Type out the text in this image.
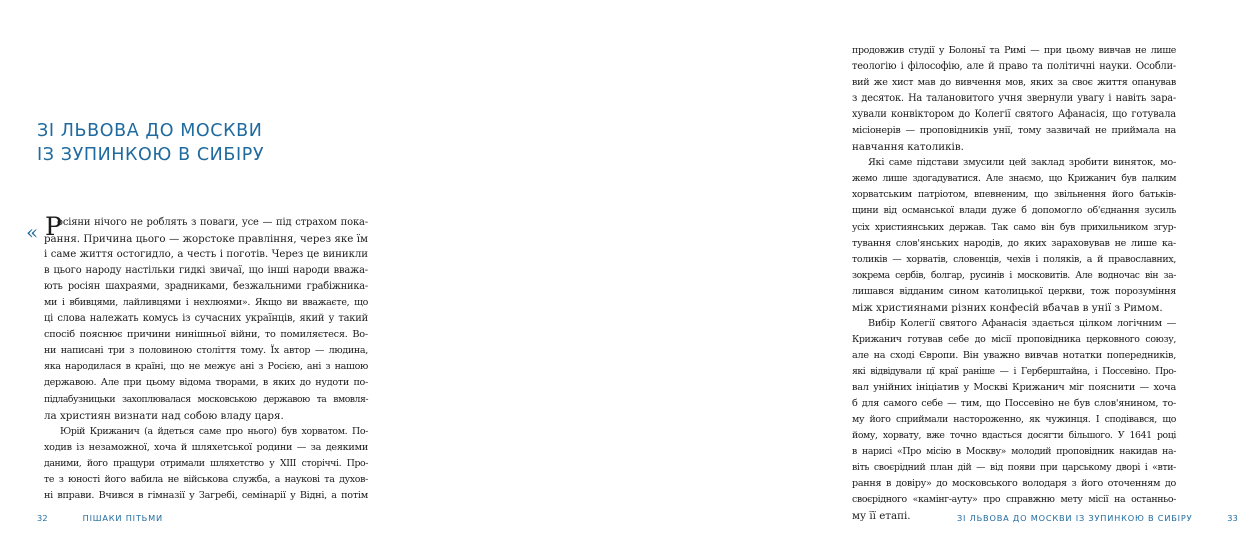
ЗІ ЛЬВОВА ДО МОСКВИ
ІЗ ЗУПИНКОЮ В СИБІРУ
« Р
осіяни нічого не роблять з поваги, усе — під страхом пока-
рання. Причина цього — жорстоке правління, через яке їм
і саме життя остогидло, а честь і поготів. Через це виникли
в цього народу настільки гидкі звичаї, що інші народи вважа-
ють росіян шахраями, зрадниками, безжальними грабіжника-
ми і вбивцями, лайливцями і нехлюями». Якщо ви вважаєте, що
ці слова належать комусь із сучасних українців, який у такий
спосіб пояснює причини нинішньої війни, то помиляєтеся. Во-
ни написані три з половиною століття тому. Їх автор — людина,
яка народилася в країні, що не межує ані з Росією, ані з нашою
державою. Але при цьому відома творами, в яких до нудоти по-
підлабузницьки захоплювалася московською державою та вмовля-
ла християн визнати над собою владу царя.
Юрій Крижанич (а йдеться саме про нього) був хорватом. По-
ходив із незаможної, хоча й шляхетської родини — за деякими
даними, його пращури отримали шляхетство у XIII сторіччі. Про-
те з юності його вабила не військова служба, а наукові та духов-
ні вправи. Вчився в гімназії у Загребі, семінарії у Відні, а потім
32	ПІШАКИ ПІТЬМИ
продовжив студії у Болоньї та Римі — при цьому вивчав не лише
теологію і філософію, але й право та політичні науки. Особли-
вий же хист мав до вивчення мов, яких за своє життя опанував
з десяток. На талановитого учня звернули увагу і навіть зара-
хували конвіктором до Колегії святого Афанасія, що готувала
місіонерів — проповідників унії, тому зазвичай не приймала на
навчання католиків.
Які саме підстави змусили цей заклад зробити виняток, мо-
жемо лише здогадуватися. Але знаємо, що Крижанич був палким
хорватським патріотом, впевненим, що звільнення його батьків-
щини від османської влади дуже б допомогло об'єднання зусиль
усіх християнських держав. Так само він був прихильником згур-
тування слов'янських народів, до яких зараховував не лише ка-
толиків — хорватів, словенців, чехів і поляків, а й православних,
зокрема сербів, болгар, русинів і московитів. Але водночас він за-
лишався відданим сином католицької церкви, тож порозуміння
між християнами різних конфесій вбачав в унії з Римом.
Вибір Колегії святого Афанасія здається цілком логічним —
Крижанич готував себе до місії проповідника церковного союзу,
але на сході Європи. Він уважно вивчав нотатки попередників,
які відвідували цї краї раніше — і Герберштайна, і Поссевіно. Про-
вал унійних ініціатив у Москві Крижанич міг пояснити — хоча
б для самого себе — тим, що Поссевіно не був слов'янином, то-
му його сприймали настороженно, як чужинця. І сподівався, що
йому, хорвату, вже точно вдасться досягти більшого. У 1641 році
в нарисі «Про місію в Москву» молодий проповідник накидав на-
віть своєрідний план дій — від появи при царському дворі і «вти-
рання в довіру» до московського володаря з його оточенням до
своєрідного «камінг-ауту» про справжню мету місії на останньо-
му її етапі.	ЗІ ЛЬВОВА ДО МОСКВИ ІЗ ЗУПИНКОЮ В СИБІРУ	33
